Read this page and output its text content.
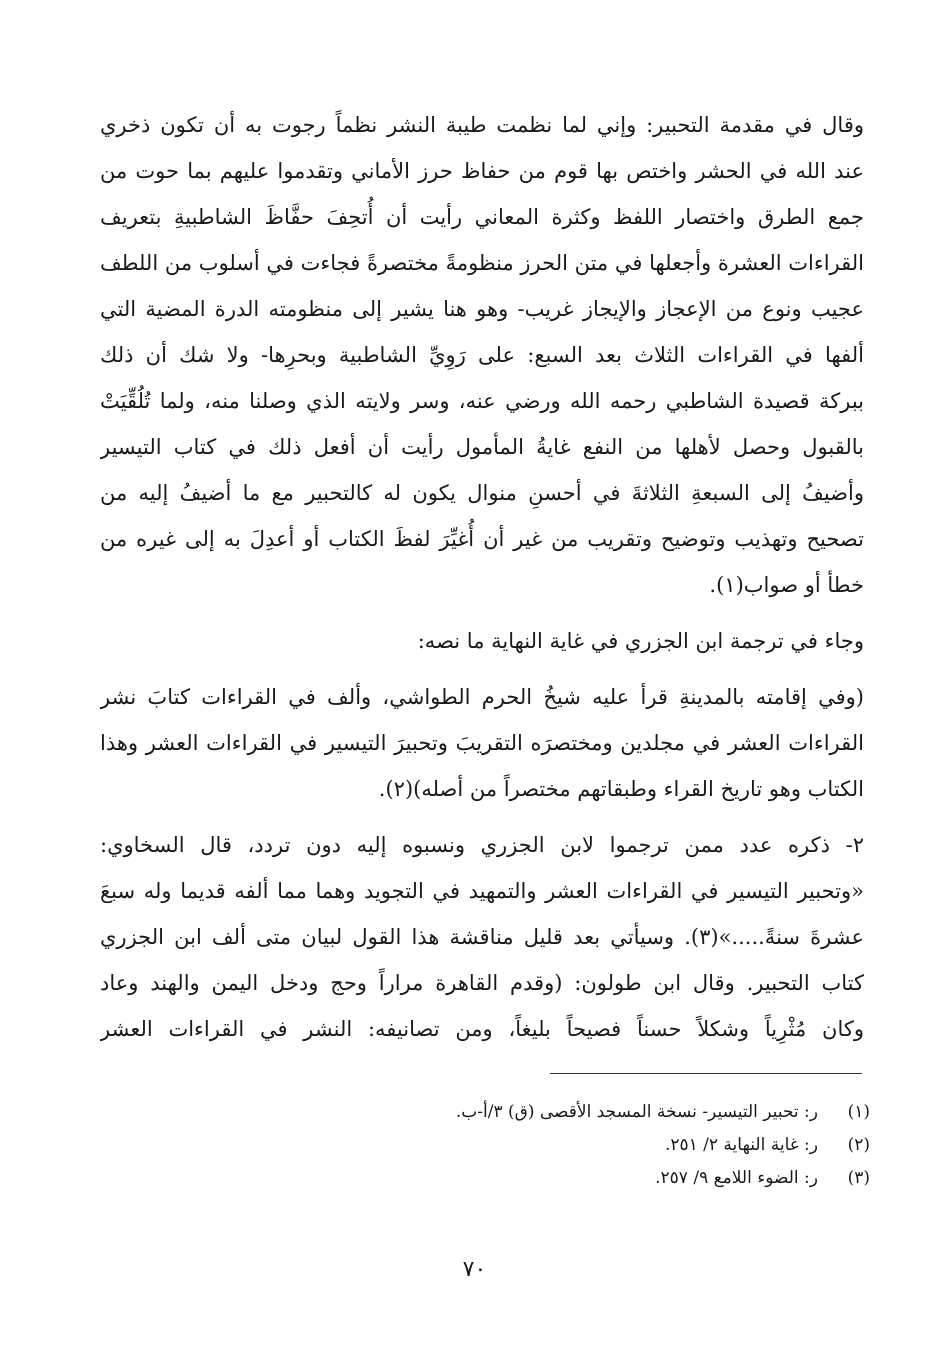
وقال في مقدمة التحبير: وإني لما نظمت طيبة النشر نظماً رجوت به أن تكون ذخري
عند الله في الحشر واختص بها قوم من حفاظ حرز الأماني وتقدموا عليهم بما حوت من
جمع الطرق واختصار اللفظ وكثرة المعاني رأيت أن أُتحِفَ حفَّاظَ الشاطبيةِ بتعريف
القراءات العشرة وأجعلها في متن الحرز منظومةً مختصرةً فجاءت في أسلوب من اللطف
عجيب ونوع من الإعجاز والإيجاز غريب- وهو هنا يشير إلى منظومته الدرة المضية التي
ألفها في القراءات الثلاث بعد السبع: على رَوِيِّ الشاطبية وبحرِها- ولا شك أن ذلك
ببركة قصيدة الشاطبي رحمه الله ورضي عنه، وسر ولايته الذي وصلنا منه، ولما تُلُقِّيَتْ
بالقبول وحصل لأهلها من النفع غايةُ المأمول رأيت أن أفعل ذلك في كتاب التيسير
وأضيفُ إلى السبعةِ الثلاثةَ في أحسنِ منوال يكون له كالتحبير مع ما أضيفُ إليه من
تصحيح وتهذيب وتوضيح وتقريب من غير أن أُغيِّرَ لفظَ الكتاب أو أعدِلَ به إلى غيره من
خطأ أو صواب(١).
وجاء في ترجمة ابن الجزري في غاية النهاية ما نصه:
(وفي إقامته بالمدينةِ قرأ عليه شيخُ الحرم الطواشي، وألف في القراءات كتابَ نشر
القراءات العشر في مجلدين ومختصرَه التقريبَ وتحبيرَ التيسير في القراءات العشر وهذا
الكتاب وهو تاريخ القراء وطبقاتهم مختصراً من أصله)(٢).
٢- ذكره عدد ممن ترجموا لابن الجزري ونسبوه إليه دون تردد، قال السخاوي:
«وتحبير التيسير في القراءات العشر والتمهيد في التجويد وهما مما ألفه قديما وله سبعَ
عشرةَ سنةً.....»(٣). وسيأتي بعد قليل مناقشة هذا القول لبيان متى ألف ابن الجزري
كتاب التحبير. وقال ابن طولون: (وقدم القاهرة مراراً وحج ودخل اليمن والهند وعاد
وكان مُثْرِياً وشكلاً حسناً فصيحاً بليغاً، ومن تصانيفه: النشر في القراءات العشر
(١)ر: تحبير التيسير- نسخة المسجد الأقصى (ق) ٣/أ-ب.
(٢)ر: غاية النهاية ٢/ ٢٥١.
(٣)ر: الضوء اللامع ٩/ ٢٥٧.
٧٠
